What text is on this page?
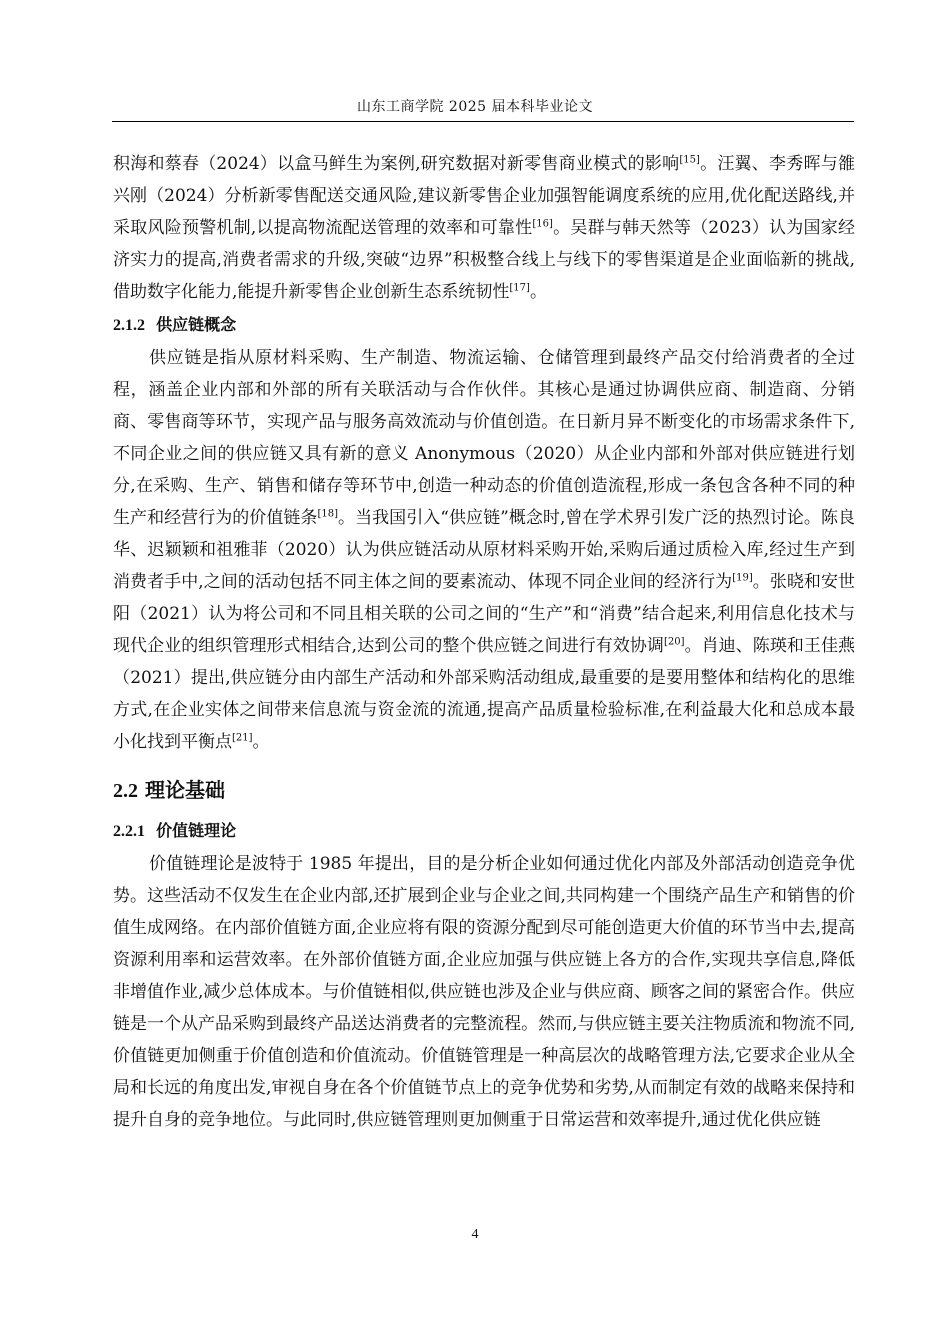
山东工商学院 2025 届本科毕业论文

积海和蔡春（2024）以盒马鲜生为案例,研究数据对新零售商业模式的影响[15]。汪翼、李秀晖与雒兴刚（2024）分析新零售配送交通风险,建议新零售企业加强智能调度系统的应用,优化配送路线,并采取风险预警机制,以提高物流配送管理的效率和可靠性[16]。吴群与韩天然等（2023）认为国家经济实力的提高,消费者需求的升级,突破“边界”积极整合线上与线下的零售渠道是企业面临新的挑战,借助数字化能力,能提升新零售企业创新生态系统韧性[17]。

2.1.2 供应链概念

供应链是指从原材料采购、生产制造、物流运输、仓储管理到最终产品交付给消费者的全过程，涵盖企业内部和外部的所有关联活动与合作伙伴。其核心是通过协调供应商、制造商、分销商、零售商等环节，实现产品与服务高效流动与价值创造。在日新月异不断变化的市场需求条件下,不同企业之间的供应链又具有新的意义 Anonymous（2020）从企业内部和外部对供应链进行划分,在采购、生产、销售和储存等环节中,创造一种动态的价值创造流程,形成一条包含各种不同的种生产和经营行为的价值链条[18]。当我国引入“供应链”概念时,曾在学术界引发广泛的热烈讨论。陈良华、迟颖颖和祖雅菲（2020）认为供应链活动从原材料采购开始,采购后通过质检入库,经过生产到消费者手中,之间的活动包括不同主体之间的要素流动、体现不同企业间的经济行为[19]。张晓和安世阳（2021）认为将公司和不同且相关联的公司之间的“生产”和“消费”结合起来,利用信息化技术与现代企业的组织管理形式相结合,达到公司的整个供应链之间进行有效协调[20]。肖迪、陈瑛和王佳燕（2021）提出,供应链分由内部生产活动和外部采购活动组成,最重要的是要用整体和结构化的思维方式,在企业实体之间带来信息流与资金流的流通,提高产品质量检验标准,在利益最大化和总成本最小化找到平衡点[21]。

2.2 理论基础
2.2.1 价值链理论

价值链理论是波特于 1985 年提出，目的是分析企业如何通过优化内部及外部活动创造竞争优势。这些活动不仅发生在企业内部,还扩展到企业与企业之间,共同构建一个围绕产品生产和销售的价值生成网络。在内部价值链方面,企业应将有限的资源分配到尽可能创造更大价值的环节当中去,提高资源利用率和运营效率。在外部价值链方面,企业应加强与供应链上各方的合作,实现共享信息,降低非增值作业,减少总体成本。与价值链相似,供应链也涉及企业与供应商、顾客之间的紧密合作。供应链是一个从产品采购到最终产品送达消费者的完整流程。然而,与供应链主要关注物质流和物流不同,价值链更加侧重于价值创造和价值流动。价值链管理是一种高层次的战略管理方法,它要求企业从全局和长远的角度出发,审视自身在各个价值链节点上的竞争优势和劣势,从而制定有效的战略来保持和提升自身的竞争地位。与此同时,供应链管理则更加侧重于日常运营和效率提升,通过优化供应链

4
